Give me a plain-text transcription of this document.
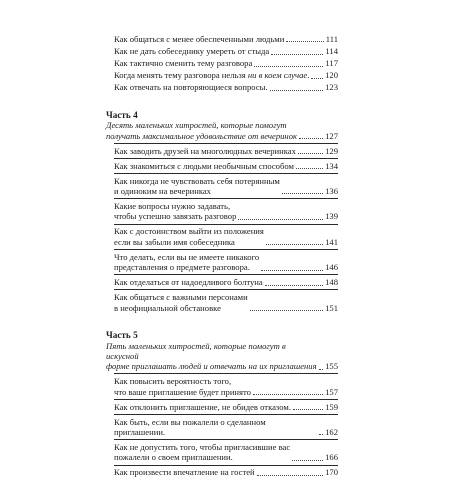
Как общаться с менее обеспеченными людьми	111
Как не дать собеседнику умереть от стыда	114
Как тактично сменить тему разговора	117
Когда менять тему разговора нельзя ни в коем случае. 120
Как отвечать на повторяющиеся вопросы.	123
Часть 4
Десять маленьких хитростей, которые помогут
получать максимальное удовольствие от вечеринок	127
Как заводить друзей на многолюдных вечеринках	129
Как знакомиться с людьми необычным способом	134
Как никогда не чувствовать себя потерянным
и одиноким на вечеринках	136
Какие вопросы нужно задавать,
чтобы успешно завязать разговор	139
Как с достоинством выйти из положения
если вы забыли имя собеседника	141
Что делать, если вы не имеете никакого
представления о предмете разговора.	146
Как отделаться от надоедливого болтуна	148
Как общаться с важными персонами
в неофициальной обстановке	151
Часть 5
Пять маленьких хитростей, которые помогут в искусной
форме приглашать людей и отвечать на их приглашения 155
Как повысить вероятность того,
что ваше приглашение будет принято	157
Как отклонить приглашение, не обидев отказом.	159
Как быть, если вы пожалели о сделанном приглашении.	162
Как не допустить того, чтобы пригласившие вас
пожалели о своем приглашении.	166
Как произвести впечатление на гостей	170
